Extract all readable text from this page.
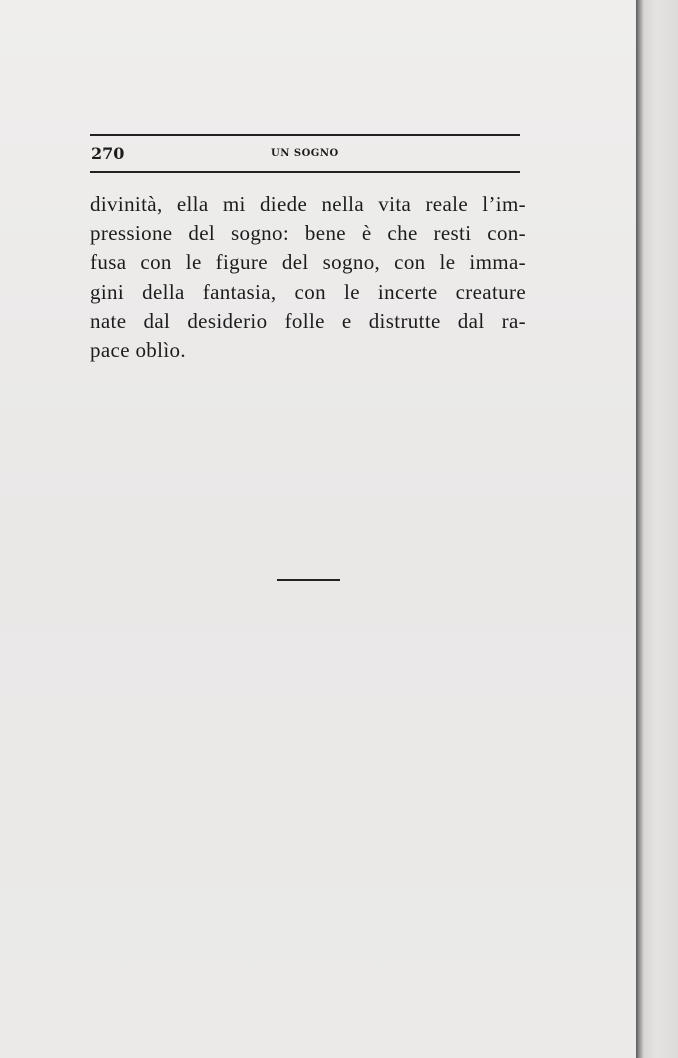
270	UN SOGNO

divinità, ella mi diede nella vita reale l’im-
pressione del sogno: bene è che resti con-
fusa con le figure del sogno, con le imma-
gini della fantasia, con le incerte creature
nate dal desiderio folle e distrutte dal ra-
pace oblìo.
